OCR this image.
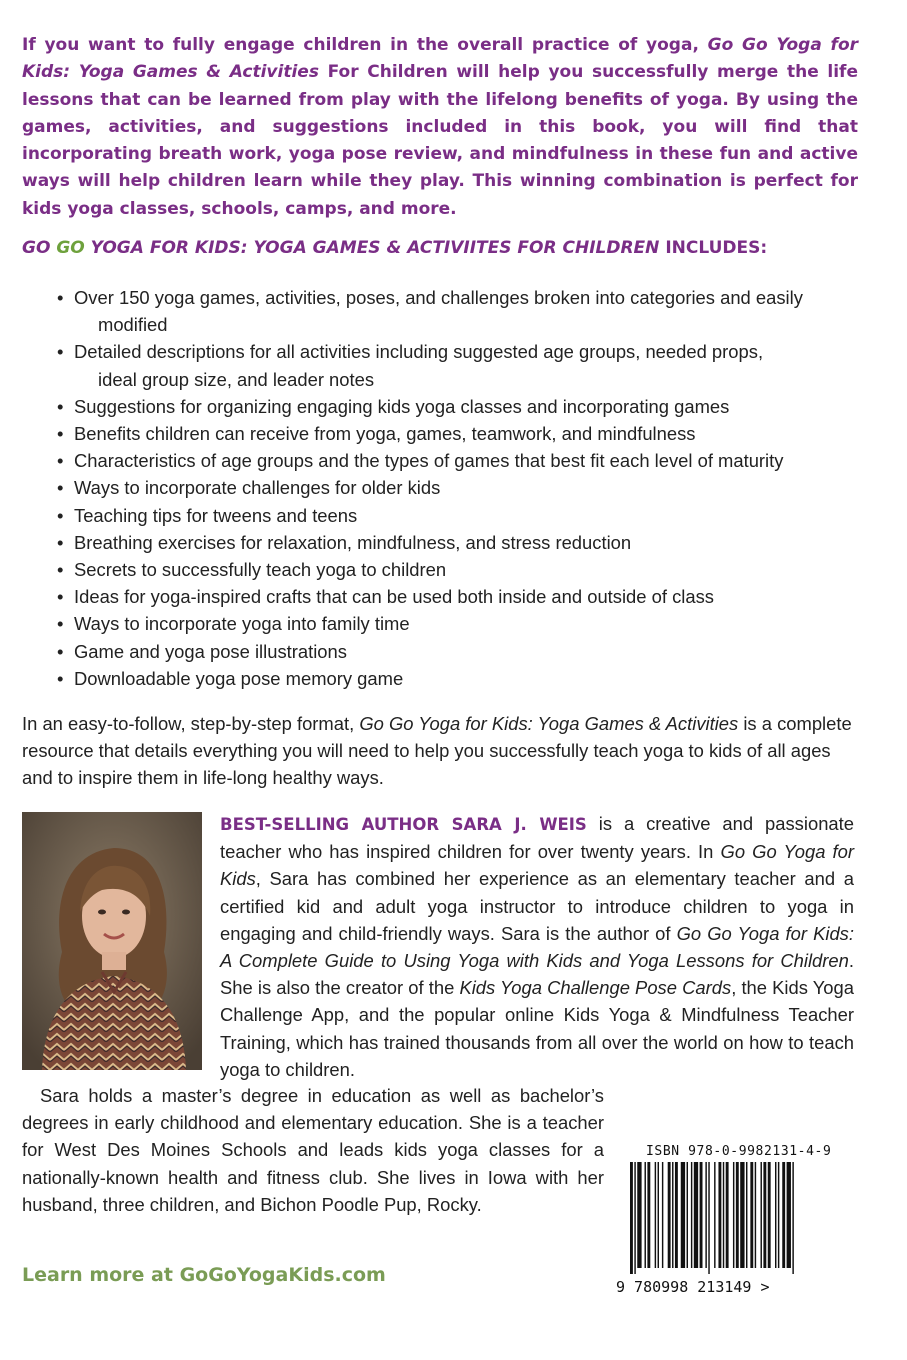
If you want to fully engage children in the overall practice of yoga, Go Go Yoga for Kids: Yoga Games & Activities For Children will help you successfully merge the life lessons that can be learned from play with the lifelong benefits of yoga. By using the games, activities, and suggestions included in this book, you will find that incorporating breath work, yoga pose review, and mindfulness in these fun and active ways will help children learn while they play. This winning combination is perfect for kids yoga classes, schools, camps, and more.

GO GO YOGA FOR KIDS: YOGA GAMES & ACTIVIITES FOR CHILDREN INCLUDES:

• Over 150 yoga games, activities, poses, and challenges broken into categories and easily
modified
• Detailed descriptions for all activities including suggested age groups, needed props,
ideal group size, and leader notes
• Suggestions for organizing engaging kids yoga classes and incorporating games
• Benefits children can receive from yoga, games, teamwork, and mindfulness
• Characteristics of age groups and the types of games that best fit each level of maturity
• Ways to incorporate challenges for older kids
• Teaching tips for tweens and teens
• Breathing exercises for relaxation, mindfulness, and stress reduction
• Secrets to successfully teach yoga to children
• Ideas for yoga-inspired crafts that can be used both inside and outside of class
• Ways to incorporate yoga into family time
• Game and yoga pose illustrations
• Downloadable yoga pose memory game

In an easy-to-follow, step-by-step format, Go Go Yoga for Kids: Yoga Games & Activities is a complete resource that details everything you will need to help you successfully teach yoga to kids of all ages and to inspire them in life-long healthy ways.

BEST-SELLING AUTHOR SARA J. WEIS is a creative and passionate teacher who has inspired children for over twenty years. In Go Go Yoga for Kids, Sara has combined her experience as an elementary teacher and a certified kid and adult yoga instructor to introduce children to yoga in engaging and child-friendly ways. Sara is the author of Go Go Yoga for Kids: A Complete Guide to Using Yoga with Kids and Yoga Lessons for Children. She is also the creator of the Kids Yoga Challenge Pose Cards, the Kids Yoga Challenge App, and the popular online Kids Yoga & Mindfulness Teacher Training, which has trained thousands from all over the world on how to teach yoga to children.

Sara holds a master’s degree in education as well as bachelor’s degrees in early childhood and elementary education. She is a teacher for West Des Moines Schools and leads kids yoga classes for a nationally-known health and fitness club. She lives in Iowa with her husband, three children, and Bichon Poodle Pup, Rocky.

Learn more at GoGoYogaKids.com

ISBN 978-0-9982131-4-9
9 780998 213149 >
